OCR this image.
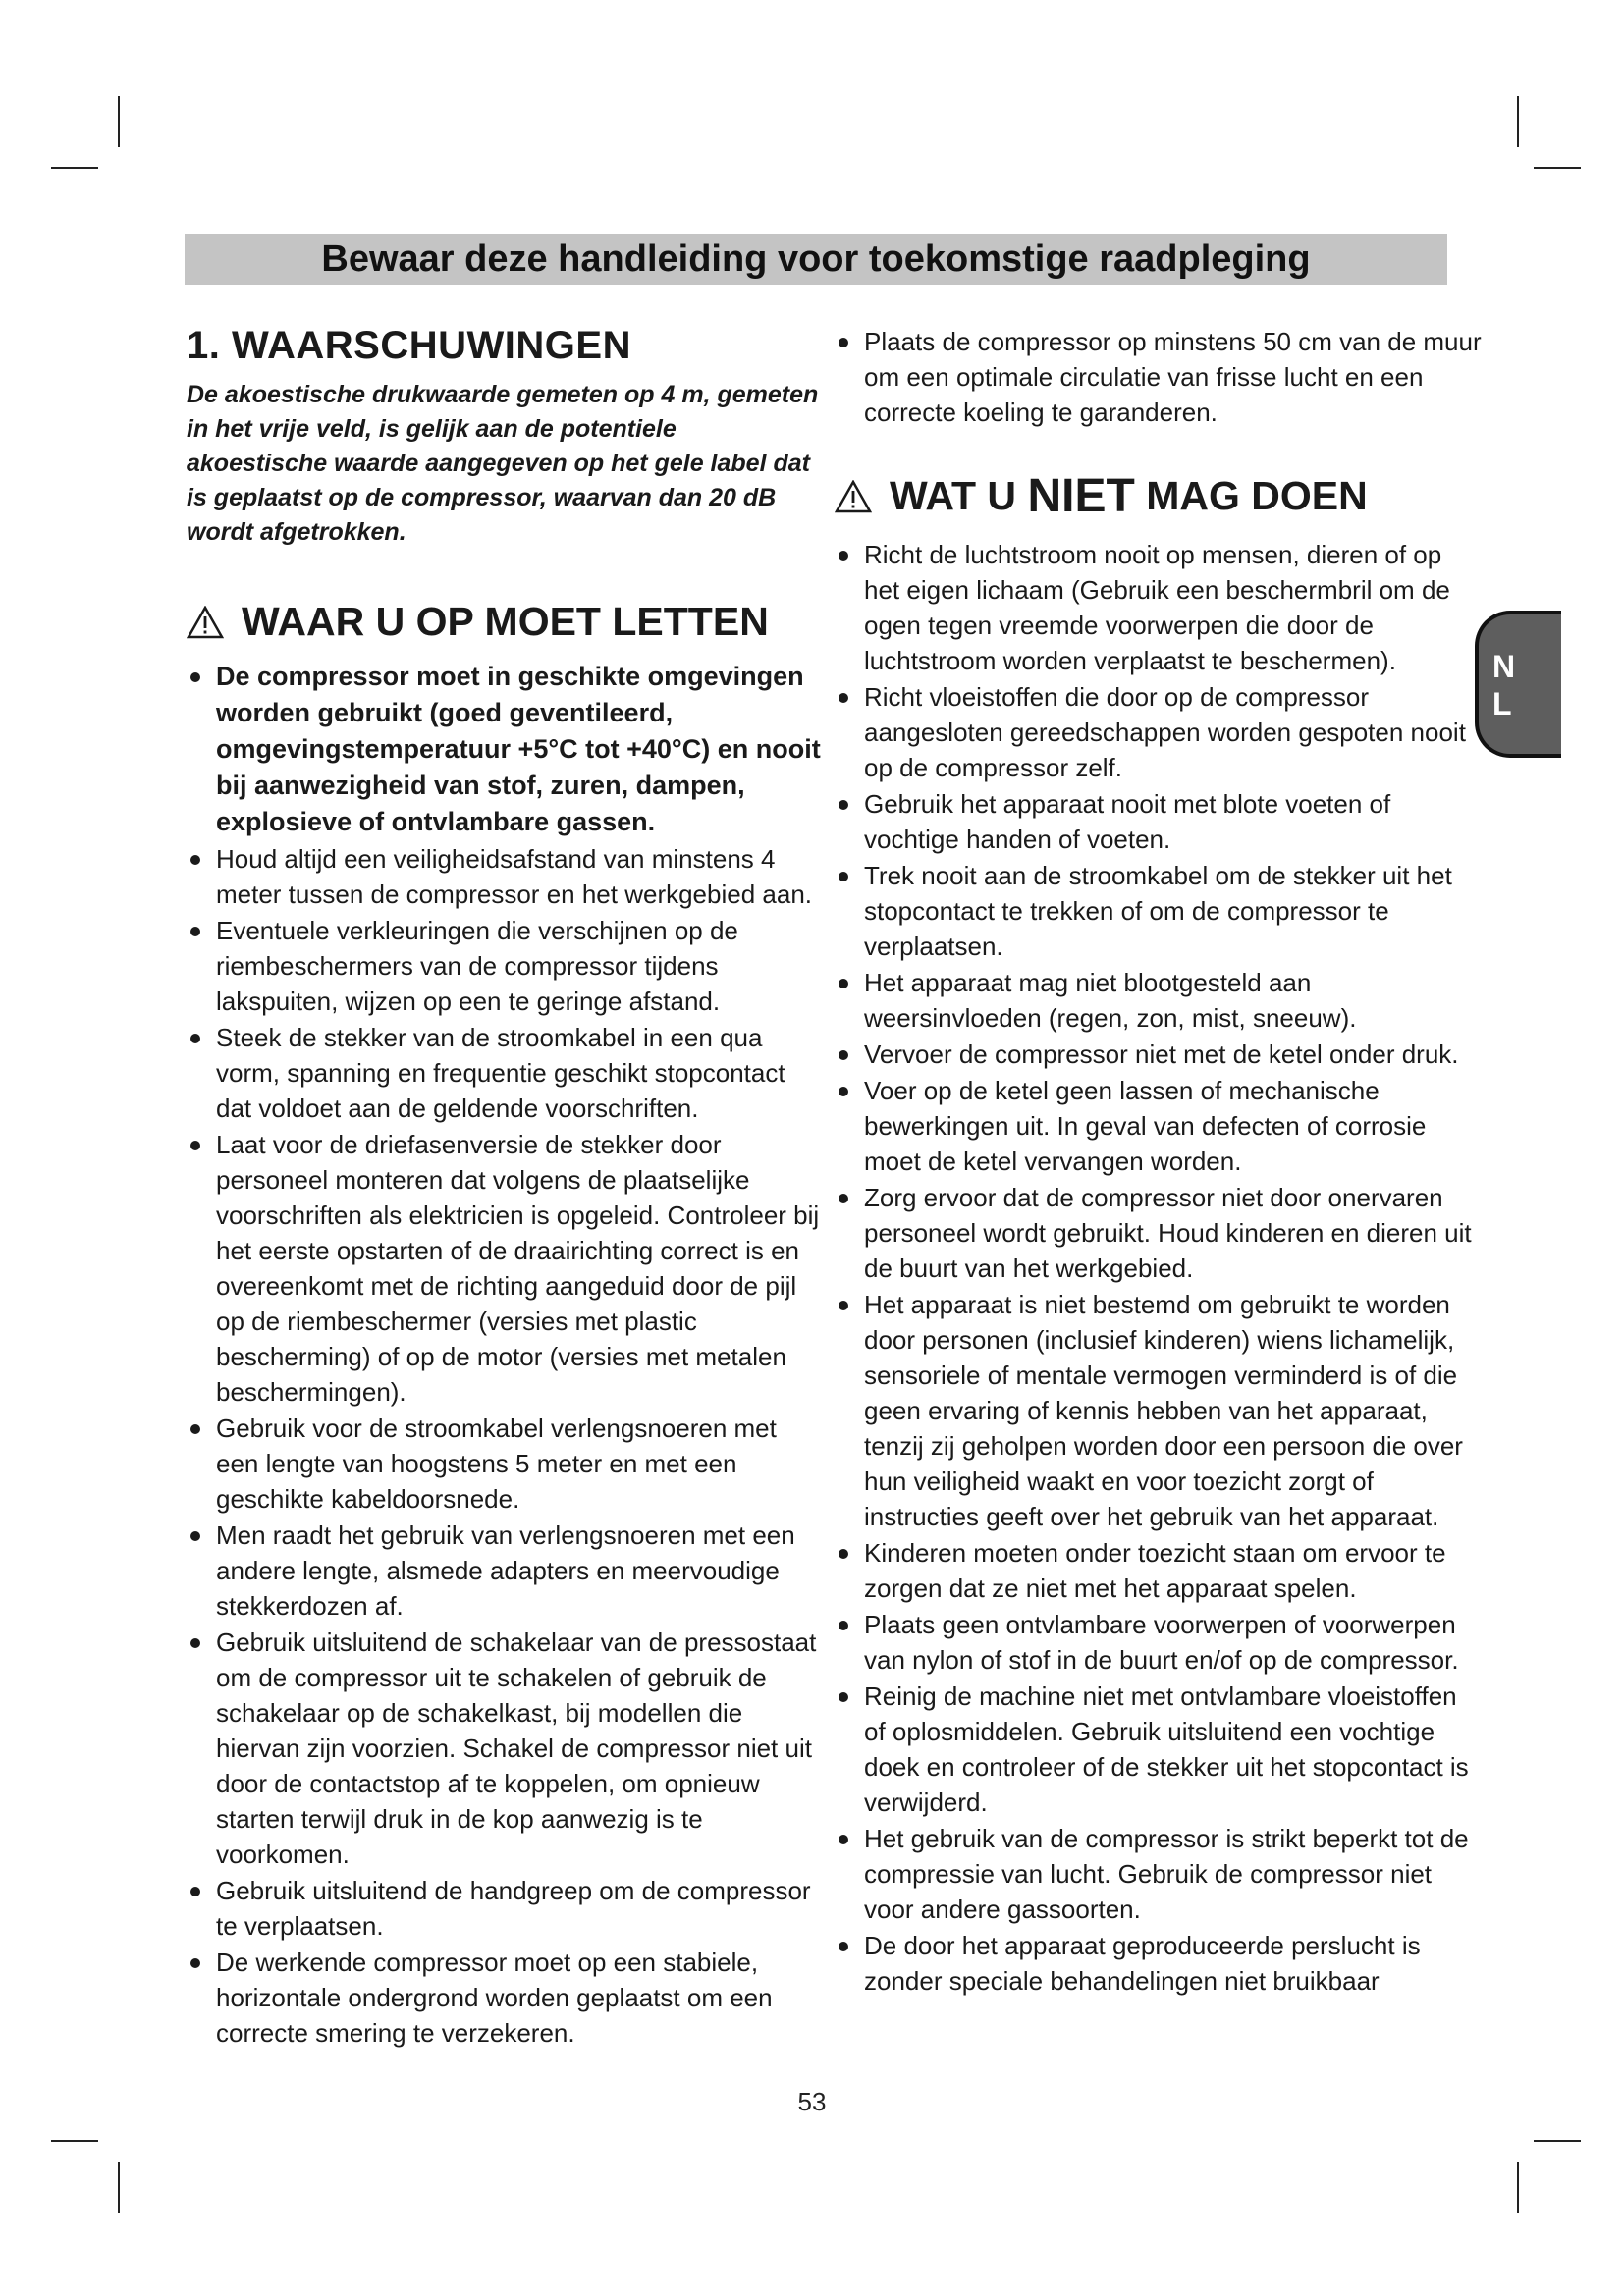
Bewaar deze handleiding voor toekomstige raadpleging
1. WAARSCHUWINGEN

De akoestische drukwaarde gemeten op 4 m, gemeten in het vrije veld, is gelijk aan de potentiele akoestische waarde aangegeven op het gele label dat is geplaatst op de compressor, waarvan dan 20 dB wordt afgetrokken.

WAAR U OP MOET LETTEN
De compressor moet in geschikte omgevingen worden gebruikt (goed geventileerd, omgevingstemperatuur +5°C tot +40°C) en nooit bij aanwezigheid van stof, zuren, dampen, explosieve of ontvlambare gassen.
Houd altijd een veiligheidsafstand van minstens 4 meter tussen de compressor en het werkgebied aan.
Eventuele verkleuringen die verschijnen op de riembeschermers van de compressor tijdens lakspuiten, wijzen op een te geringe afstand.
Steek de stekker van de stroomkabel in een qua vorm, spanning en frequentie geschikt stopcontact dat voldoet aan de geldende voorschriften.
Laat voor de driefasenversie de stekker door personeel monteren dat volgens de plaatselijke voorschriften als elektricien is opgeleid. Controleer bij het eerste opstarten of de draairichting correct is en overeenkomt met de richting aangeduid door de pijl op de riembeschermer (versies met plastic bescherming) of op de motor (versies met metalen beschermingen).
Gebruik voor de stroomkabel verlengsnoeren met een lengte van hoogstens 5 meter en met een geschikte kabeldoorsnede.
Men raadt het gebruik van verlengsnoeren met een andere lengte, alsmede adapters en meervoudige stekkerdozen af.
Gebruik uitsluitend de schakelaar van de pressostaat om de compressor uit te schakelen of gebruik de schakelaar op de schakelkast, bij modellen die hiervan zijn voorzien. Schakel de compressor niet uit door de contactstop af te koppelen, om opnieuw starten terwijl druk in de kop aanwezig is te voorkomen.
Gebruik uitsluitend de handgreep om de compressor te verplaatsen.
De werkende compressor moet op een stabiele, horizontale ondergrond worden geplaatst om een correcte smering te verzekeren.
Plaats de compressor op minstens 50 cm van de muur om een optimale circulatie van frisse lucht en een correcte koeling te garanderen.
WAT U
NIET
MAG DOEN
Richt de luchtstroom nooit op mensen, dieren of op het eigen lichaam (Gebruik een beschermbril om de ogen tegen vreemde voorwerpen die door de luchtstroom worden verplaatst te beschermen).
Richt vloeistoffen die door op de compressor aangesloten gereedschappen worden gespoten nooit op de compressor zelf.
Gebruik het apparaat nooit met blote voeten of vochtige handen of voeten.
Trek nooit aan de stroomkabel om de stekker uit het stopcontact te trekken of om de compressor te verplaatsen.
Het apparaat mag niet blootgesteld aan weersinvloeden (regen, zon, mist, sneeuw).
Vervoer de compressor niet met de ketel onder druk.
Voer op de ketel geen lassen of mechanische bewerkingen uit. In geval van defecten of corrosie moet de ketel vervangen worden.
Zorg ervoor dat de compressor niet door onervaren personeel wordt gebruikt. Houd kinderen en dieren uit de buurt van het werkgebied.
Het apparaat is niet bestemd om gebruikt te worden door personen (inclusief kinderen) wiens lichamelijk, sensoriele of mentale vermogen verminderd is of die geen ervaring of kennis hebben van het apparaat, tenzij zij geholpen worden door een persoon die over hun veiligheid waakt en voor toezicht zorgt of instructies geeft over het gebruik van het apparaat.
Kinderen moeten onder toezicht staan om ervoor te zorgen dat ze niet met het apparaat spelen.
Plaats geen ontvlambare voorwerpen of voorwerpen van nylon of stof in de buurt en/of op de compressor.
Reinig de machine niet met ontvlambare vloeistoffen of oplosmiddelen. Gebruik uitsluitend een vochtige doek en controleer of de stekker uit het stopcontact is verwijderd.
Het gebruik van de compressor is strikt beperkt tot de compressie van lucht. Gebruik de compressor niet voor andere gassoorten.
De door het apparaat geproduceerde perslucht is zonder speciale behandelingen niet bruikbaar
N
L
53
